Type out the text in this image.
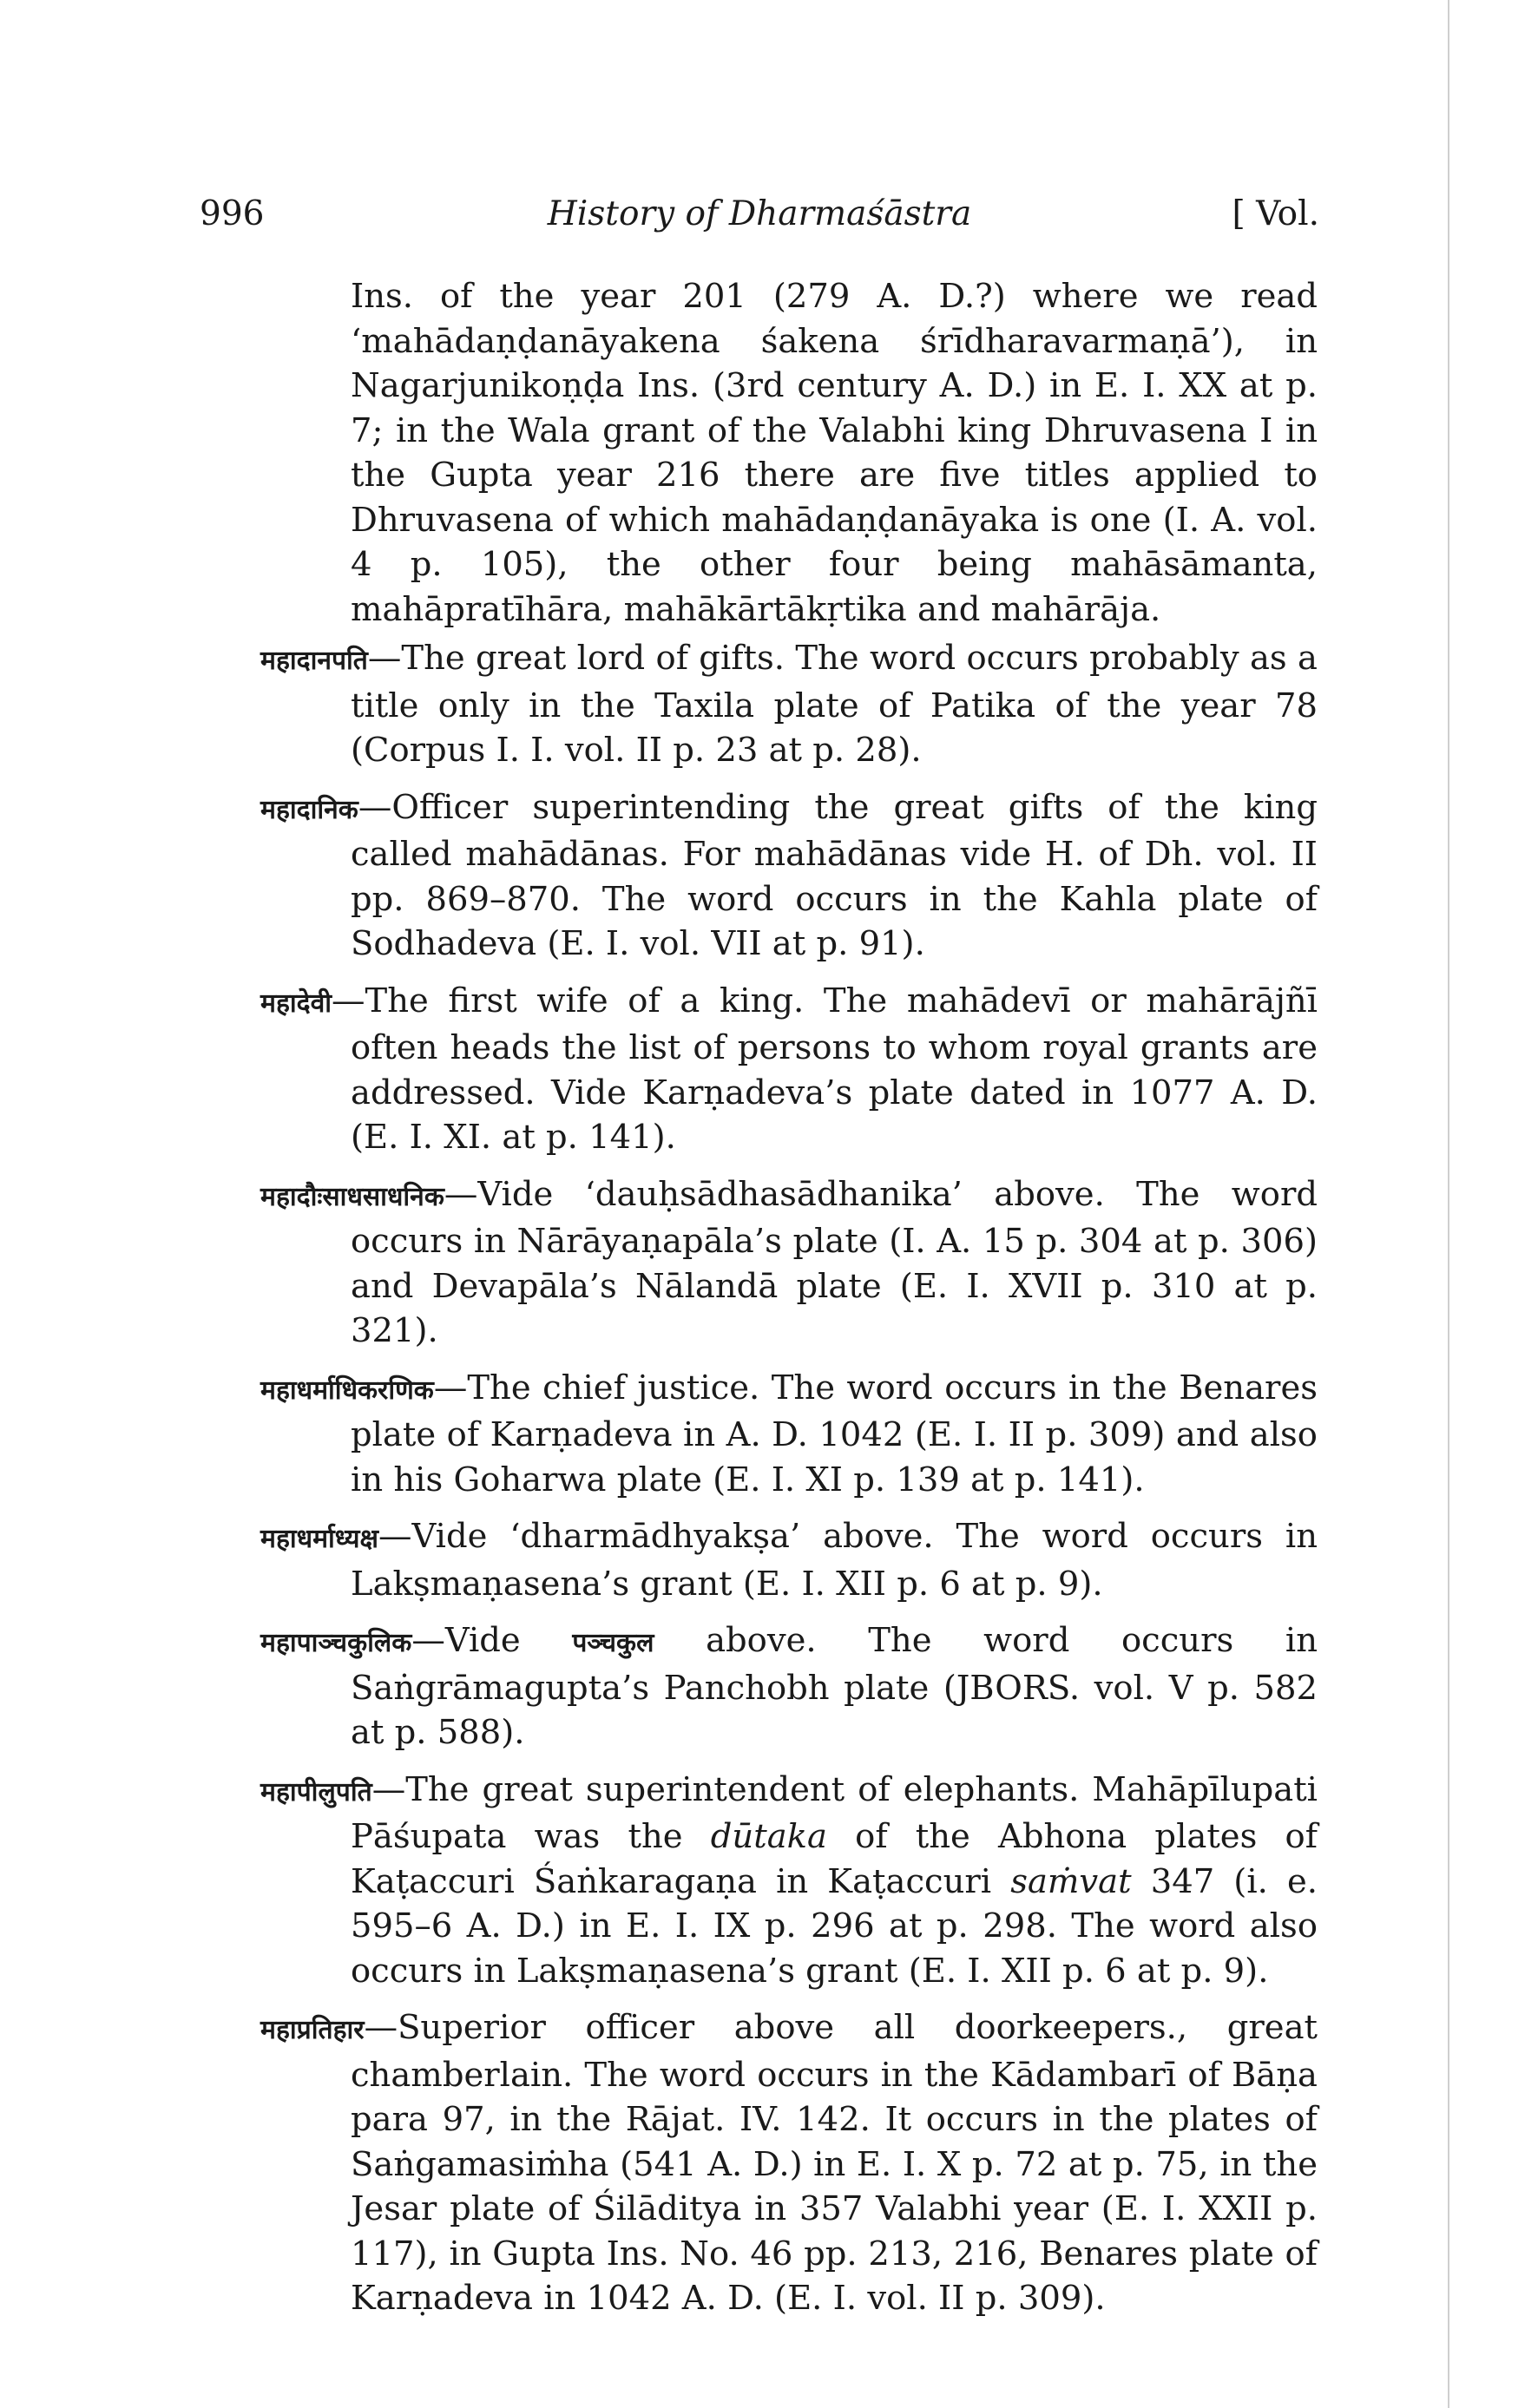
996	History of Dharmaśāstra	[ Vol.

Ins. of the year 201 (279 A. D.?) where we read ‘mahādaṇḍanāyakena śakena śrīdharavarmaṇā’), in Nagarjunikoṇḍa Ins. (3rd century A. D.) in E. I. XX at p. 7; in the Wala grant of the Valabhi king Dhruvasena I in the Gupta year 216 there are five titles applied to Dhruvasena of which mahādaṇḍanāyaka is one (I. A. vol. 4 p. 105), the other four being mahāsāmanta, mahāpratīhāra, mahākārtākṛtika and mahārāja.

महादानपति—The great lord of gifts. The word occurs probably as a title only in the Taxila plate of Patika of the year 78 (Corpus I. I. vol. II p. 23 at p. 28).

महादानिक—Officer superintending the great gifts of the king called mahādānas. For mahādānas vide H. of Dh. vol. II pp. 869–870. The word occurs in the Kahla plate of Sodhadeva (E. I. vol. VII at p. 91).

महादेवी—The first wife of a king. The mahādevī or mahārājñī often heads the list of persons to whom royal grants are addressed. Vide Karṇadeva’s plate dated in 1077 A. D. (E. I. XI. at p. 141).

महादौःसाधसाधनिक—Vide ‘dauḥsādhasādhanika’ above. The word occurs in Nārāyaṇapāla’s plate (I. A. 15 p. 304 at p. 306) and Devapāla’s Nālandā plate (E. I. XVII p. 310 at p. 321).

महाधर्माधिकरणिक—The chief justice. The word occurs in the Benares plate of Karṇadeva in A. D. 1042 (E. I. II p. 309) and also in his Goharwa plate (E. I. XI p. 139 at p. 141).

महाधर्माध्यक्ष—Vide ‘dharmādhyakṣa’ above. The word occurs in Lakṣmaṇasena’s grant (E. I. XII p. 6 at p. 9).

महापाञ्चकुलिक—Vide पञ्चकुल above. The word occurs in Saṅgrāmagupta’s Panchobh plate (JBORS. vol. V p. 582 at p. 588).

महापीलुपति—The great superintendent of elephants. Mahāpīlupati Pāśupata was the dūtaka of the Abhona plates of Kaṭaccuri Śaṅkaragaṇa in Kaṭaccuri saṁvat 347 (i. e. 595–6 A. D.) in E. I. IX p. 296 at p. 298. The word also occurs in Lakṣmaṇasena’s grant (E. I. XII p. 6 at p. 9).

महाप्रतिहार—Superior officer above all doorkeepers., great chamberlain. The word occurs in the Kādambarī of Bāṇa para 97, in the Rājat. IV. 142. It occurs in the plates of Saṅgamasiṁha (541 A. D.) in E. I. X p. 72 at p. 75, in the Jesar plate of Śilāditya in 357 Valabhi year (E. I. XXII p. 117), in Gupta Ins. No. 46 pp. 213, 216, Benares plate of Karṇadeva in 1042 A. D. (E. I. vol. II p. 309).
